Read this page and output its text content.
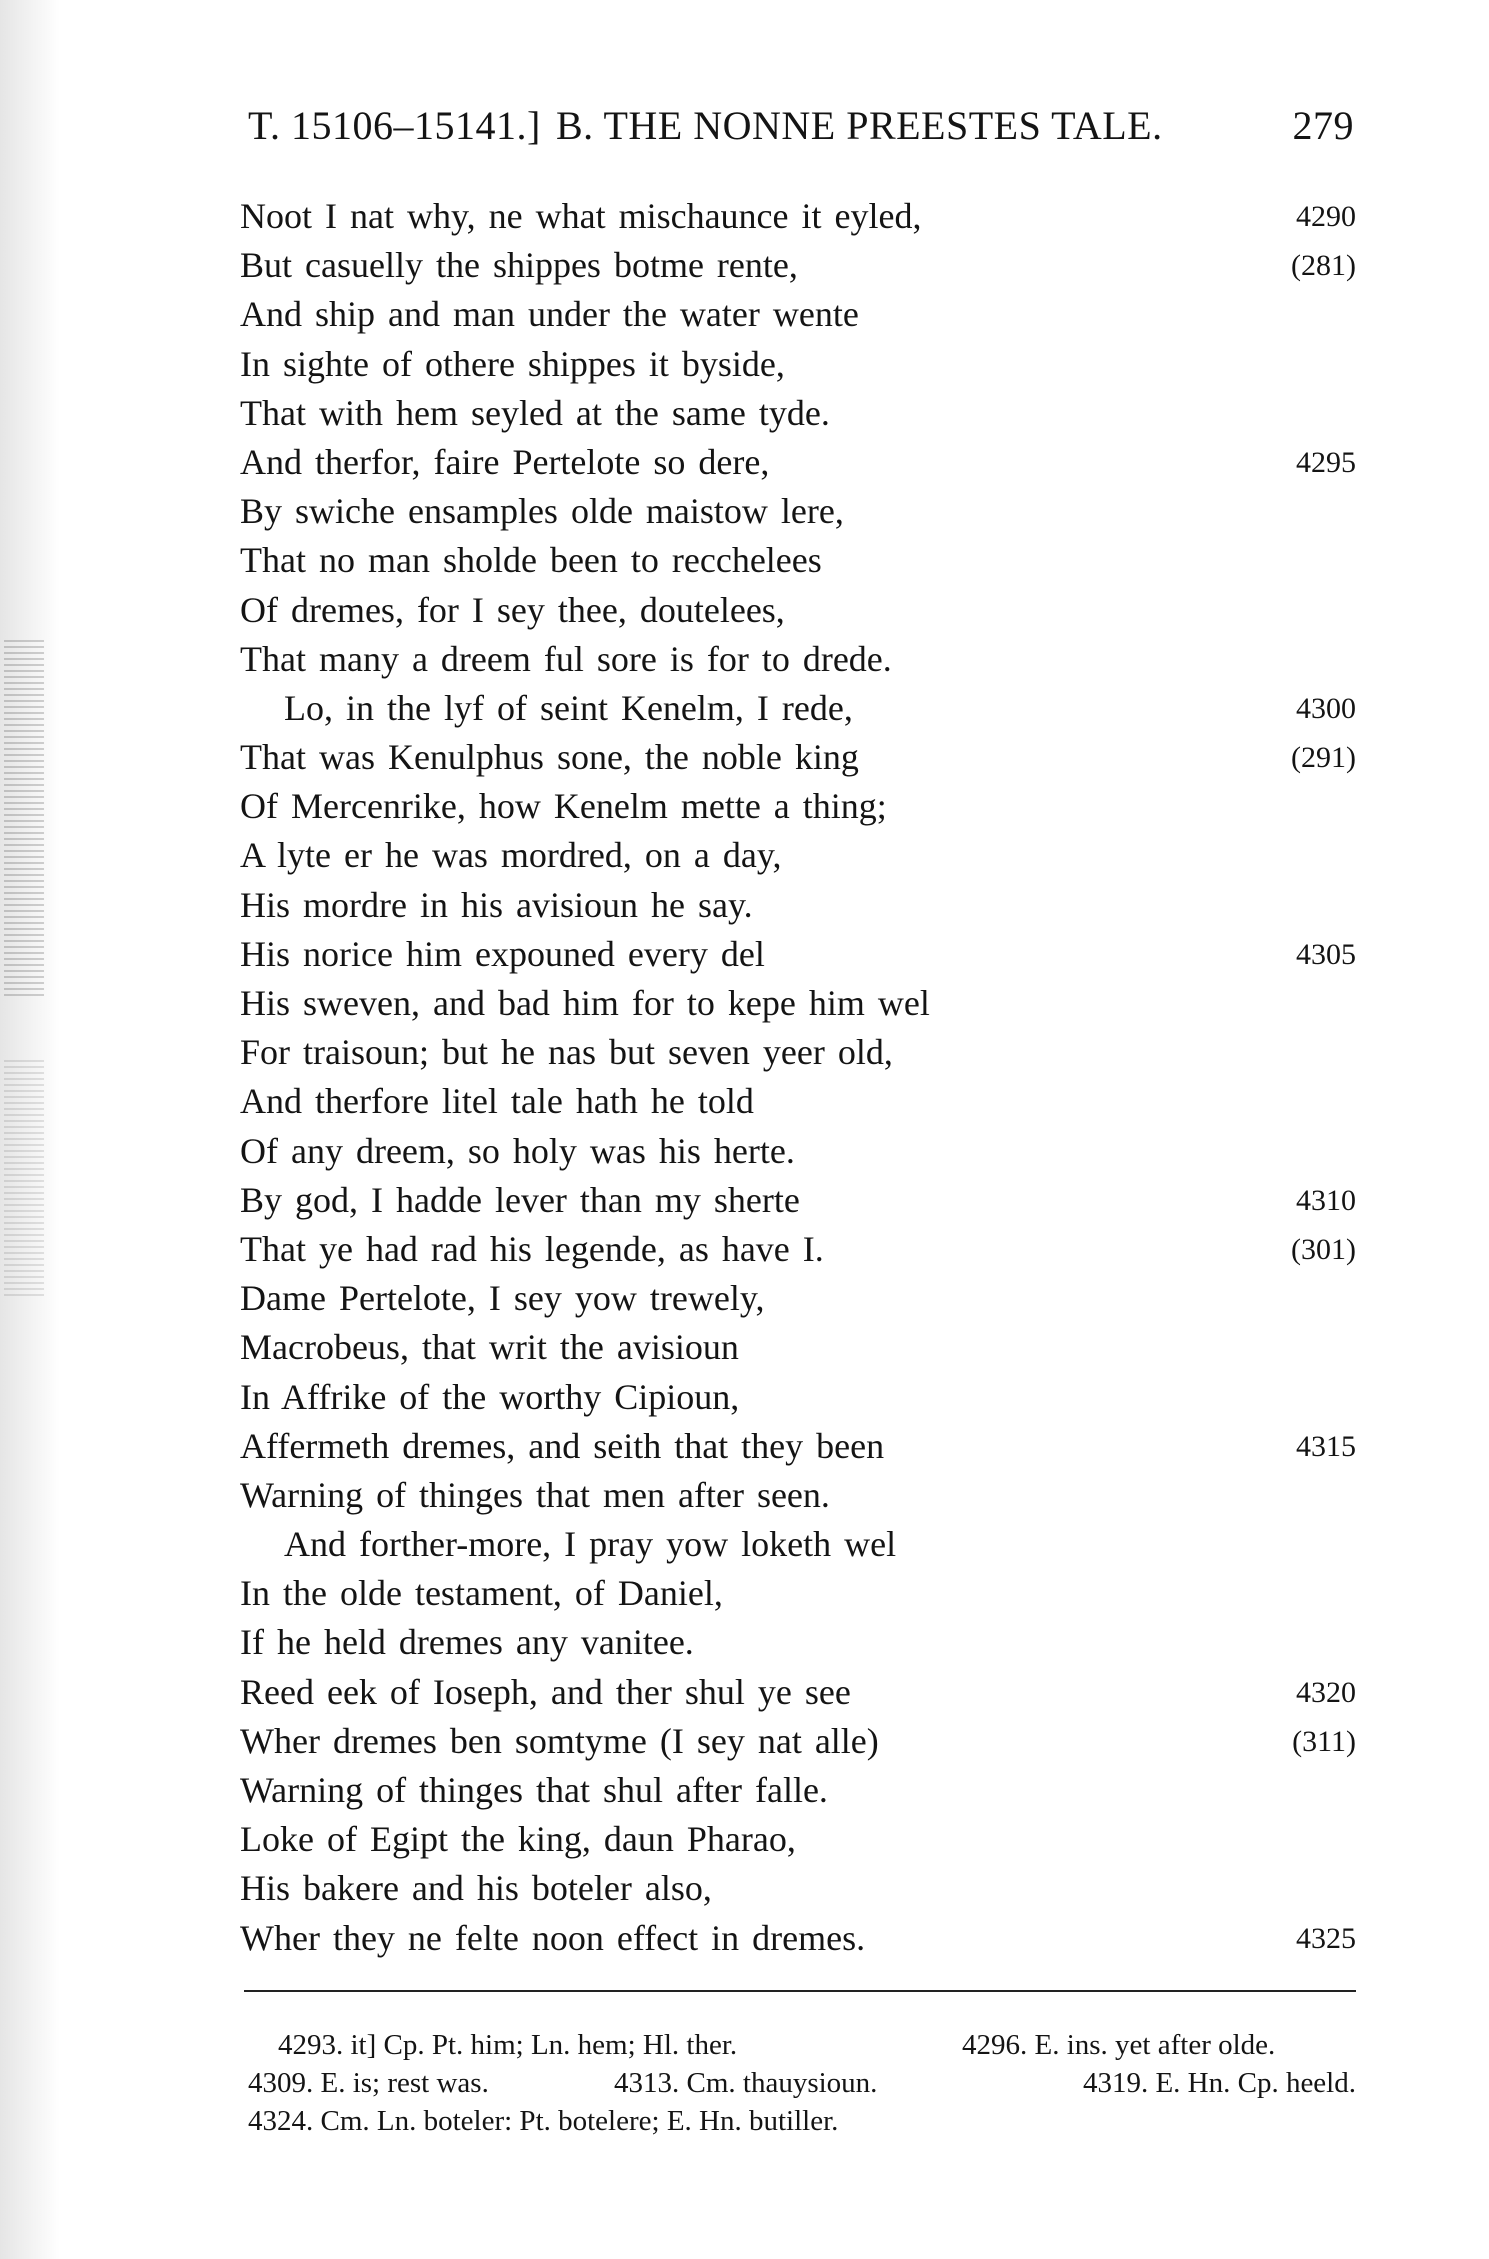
T. 15106–15141.] B. THE NONNE PREESTES TALE.	279
Noot I nat why, ne what mischaunce it eyled,	4290
But casuelly the shippes botme rente,	(281)
And ship and man under the water wente
In sighte of othere shippes it byside,
That with hem seyled at the same tyde.
And therfor, faire Pertelote so dere,	4295
By swiche ensamples olde maistow lere,
That no man sholde been to recchelees
Of dremes, for I sey thee, doutelees,
That many a dreem ful sore is for to drede.
Lo, in the lyf of seint Kenelm, I rede,	4300
That was Kenulphus sone, the noble king	(291)
Of Mercenrike, how Kenelm mette a thing;
A lyte er he was mordred, on a day,
His mordre in his avisioun he say.
His norice him expouned every del	4305
His sweven, and bad him for to kepe him wel
For traisoun; but he nas but seven yeer old,
And therfore litel tale hath he told
Of any dreem, so holy was his herte.
By god, I hadde lever than my sherte	4310
That ye had rad his legende, as have I.	(301)
Dame Pertelote, I sey yow trewely,
Macrobeus, that writ the avisioun
In Affrike of the worthy Cipioun,
Affermeth dremes, and seith that they been	4315
Warning of thinges that men after seen.
And forther-more, I pray yow loketh wel
In the olde testament, of Daniel,
If he held dremes any vanitee.
Reed eek of Ioseph, and ther shul ye see	4320
Wher dremes ben somtyme (I sey nat alle)	(311)
Warning of thinges that shul after falle.
Loke of Egipt the king, daun Pharao,
His bakere and his boteler also,
Wher they ne felte noon effect in dremes.	4325
4293. it] Cp. Pt. him; Ln. hem; Hl. ther.	4296. E. ins. yet after olde.
4309. E. is; rest was.	4313. Cm. thauysioun.	4319. E. Hn. Cp. heeld.
4324. Cm. Ln. boteler: Pt. botelere; E. Hn. butiller.
